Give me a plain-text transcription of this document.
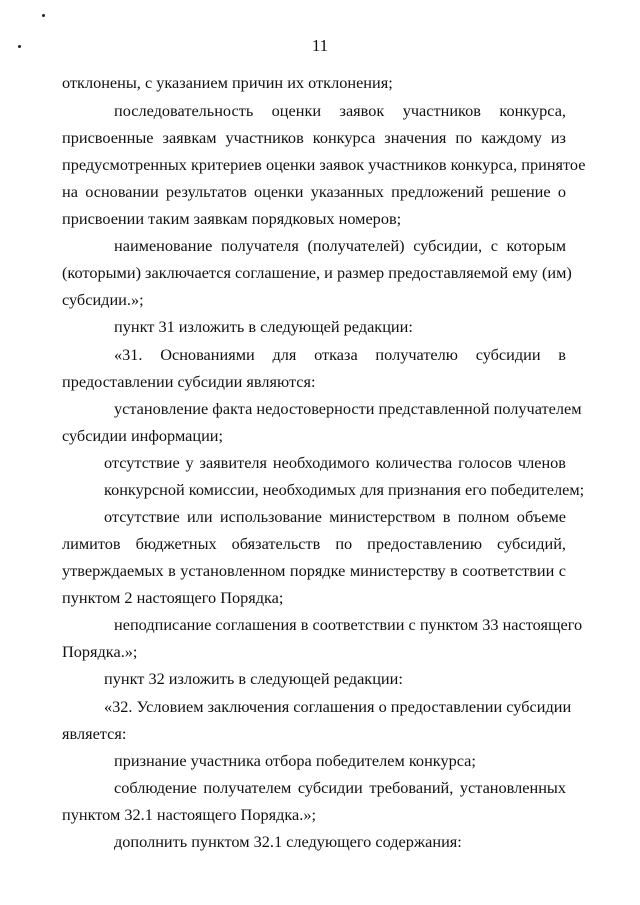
11
отклонены, с указанием причин их отклонения;
последовательность оценки заявок участников конкурса,
присвоенные заявкам участников конкурса значения по каждому из
предусмотренных критериев оценки заявок участников конкурса, принятое
на основании результатов оценки указанных предложений решение о
присвоении таким заявкам порядковых номеров;
наименование получателя (получателей) субсидии, с которым
(которыми) заключается соглашение, и размер предоставляемой ему (им)
субсидии.»;
пункт 31 изложить в следующей редакции:
«31. Основаниями для отказа получателю субсидии в
предоставлении субсидии являются:
установление факта недостоверности представленной получателем
субсидии информации;
отсутствие у заявителя необходимого количества голосов членов
конкурсной комиссии, необходимых для признания его победителем;
отсутствие или использование министерством в полном объеме
лимитов бюджетных обязательств по предоставлению субсидий,
утверждаемых в установленном порядке министерству в соответствии с
пунктом 2 настоящего Порядка;
неподписание соглашения в соответствии с пунктом 33 настоящего
Порядка.»;
пункт 32 изложить в следующей редакции:
«32. Условием заключения соглашения о предоставлении субсидии
является:
признание участника отбора победителем конкурса;
соблюдение получателем субсидии требований, установленных
пунктом 32.1 настоящего Порядка.»;
дополнить пунктом 32.1 следующего содержания:
